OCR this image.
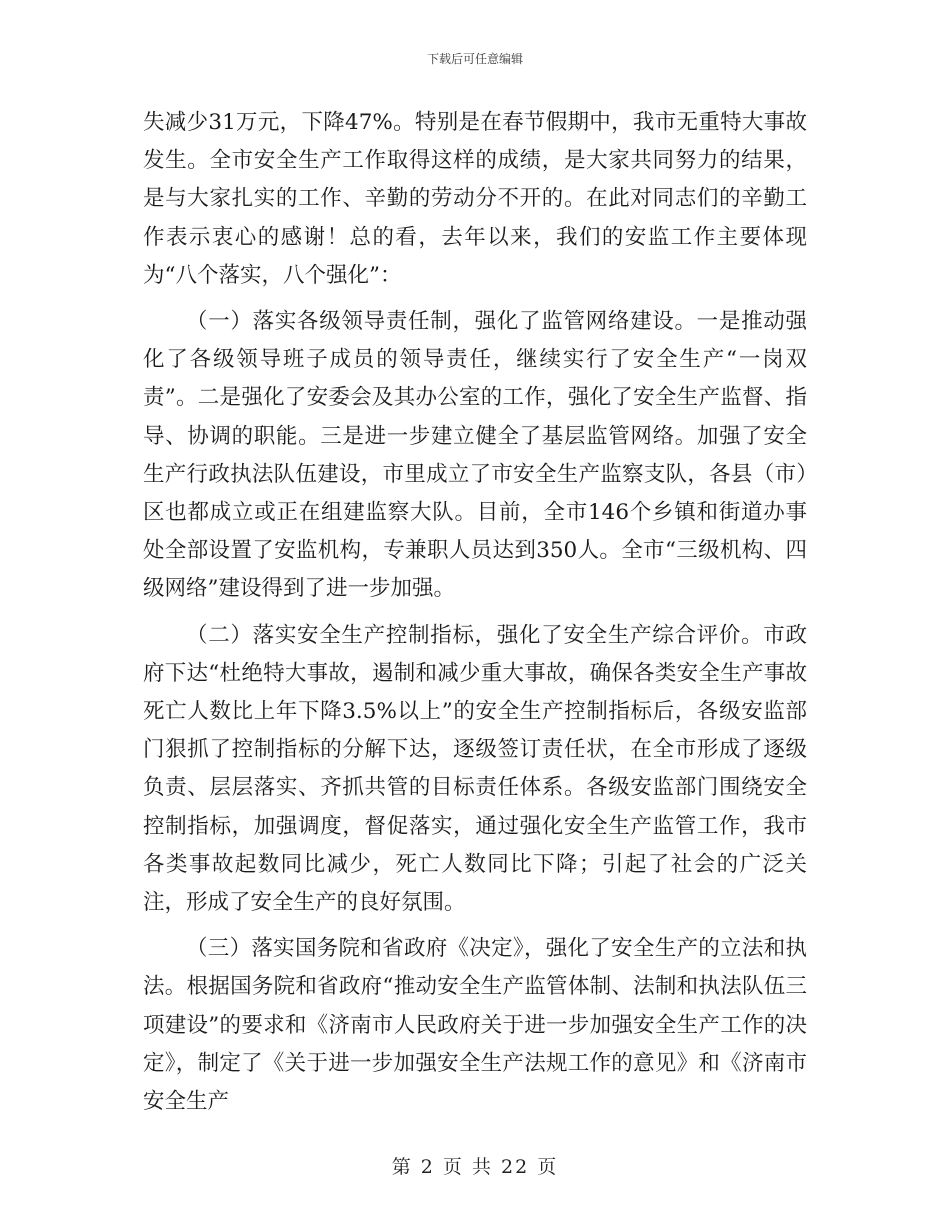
下载后可任意编辑

失减少31万元，下降47%。特别是在春节假期中，我市无重特大事故发生。全市安全生产工作取得这样的成绩，是大家共同努力的结果，是与大家扎实的工作、辛勤的劳动分不开的。在此对同志们的辛勤工作表示衷心的感谢！总的看，去年以来，我们的安监工作主要体现为“八个落实，八个强化”：

（一）落实各级领导责任制，强化了监管网络建设。一是推动强化了各级领导班子成员的领导责任，继续实行了安全生产“一岗双责”。二是强化了安委会及其办公室的工作，强化了安全生产监督、指导、协调的职能。三是进一步建立健全了基层监管网络。加强了安全生产行政执法队伍建设，市里成立了市安全生产监察支队，各县（市）区也都成立或正在组建监察大队。目前，全市146个乡镇和街道办事处全部设置了安监机构，专兼职人员达到350人。全市“三级机构、四级网络”建设得到了进一步加强。

（二）落实安全生产控制指标，强化了安全生产综合评价。市政府下达“杜绝特大事故，遏制和减少重大事故，确保各类安全生产事故死亡人数比上年下降3.5%以上”的安全生产控制指标后，各级安监部门狠抓了控制指标的分解下达，逐级签订责任状，在全市形成了逐级负责、层层落实、齐抓共管的目标责任体系。各级安监部门围绕安全控制指标，加强调度，督促落实，通过强化安全生产监管工作，我市各类事故起数同比减少，死亡人数同比下降；引起了社会的广泛关注，形成了安全生产的良好氛围。

（三）落实国务院和省政府《决定》，强化了安全生产的立法和执法。根据国务院和省政府“推动安全生产监管体制、法制和执法队伍三项建设”的要求和《济南市人民政府关于进一步加强安全生产工作的决定》，制定了《关于进一步加强安全生产法规工作的意见》和《济南市安全生产

第 2 页 共 22 页
